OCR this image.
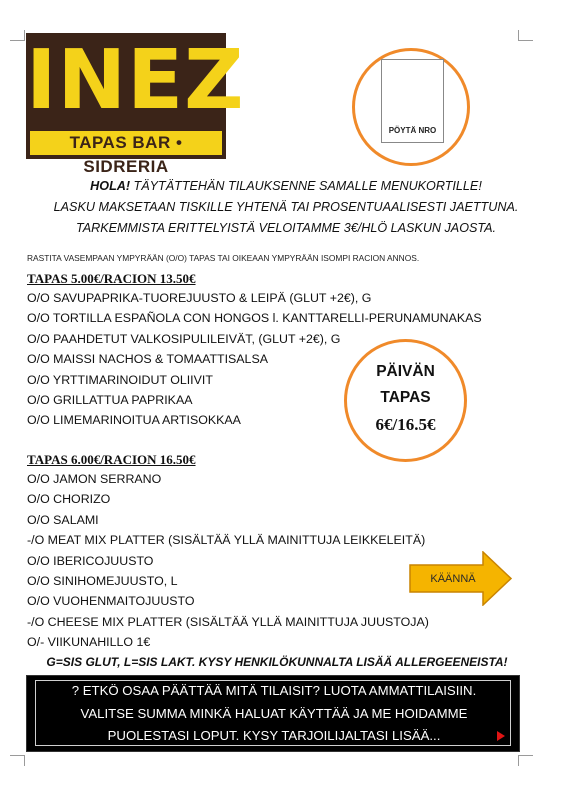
INEZ
TAPAS BAR • SIDRERIA
PÖYTÄ NRO
HOLA! TÄYTÄTTEHÄN TILAUKSENNE SAMALLE MENUKORTILLE!
LASKU MAKSETAAN TISKILLE YHTENÄ TAI PROSENTUAALISESTI JAETTUNA.
TARKEMMISTA ERITTELYISTÄ VELOITAMME 3€/HLÖ LASKUN JAOSTA.
RASTITA VASEMPAAN YMPYRÄÄN (O/O) TAPAS TAI OIKEAAN YMPYRÄÄN ISOMPI RACION ANNOS.
TAPAS 5.00€/RACION 13.50€
O/O SAVUPAPRIKA-TUOREJUUSTO & LEIPÄ (GLUT +2€), G
O/O TORTILLA ESPAÑOLA CON HONGOS l. KANTTARELLI-PERUNAMUNAKAS
O/O PAAHDETUT VALKOSIPULILEIVÄT, (GLUT +2€), G
O/O MAISSI NACHOS & TOMAATTISALSA
O/O YRTTIMARINOIDUT OLIIVIT
O/O GRILLATTUA PAPRIKAA
O/O LIMEMARINOITUA ARTISOKKAA
PÄIVÄN
TAPAS
6€/16.5€
TAPAS 6.00€/RACION 16.50€
O/O JAMON SERRANO
O/O CHORIZO
O/O SALAMI
-/O MEAT MIX PLATTER (SISÄLTÄÄ YLLÄ MAINITTUJA LEIKKELEITÄ)
O/O IBERICOJUUSTO
O/O SINIHOMEJUUSTO, L
O/O VUOHENMAITOJUUSTO
-/O CHEESE MIX PLATTER (SISÄLTÄÄ YLLÄ MAINITTUJA JUUSTOJA)
O/- VIIKUNAHILLO 1€
KÄÄNNÄ
G=SIS GLUT, L=SIS LAKT. KYSY HENKILÖKUNNALTA LISÄÄ ALLERGEENEISTA!
? ETKÖ OSAA PÄÄTTÄÄ MITÄ TILAISIT? LUOTA AMMATTILAISIIN.
VALITSE SUMMA MINKÄ HALUAT KÄYTTÄÄ JA ME HOIDAMME
PUOLESTASI LOPUT. KYSY TARJOILIJALTASI LISÄÄ...
